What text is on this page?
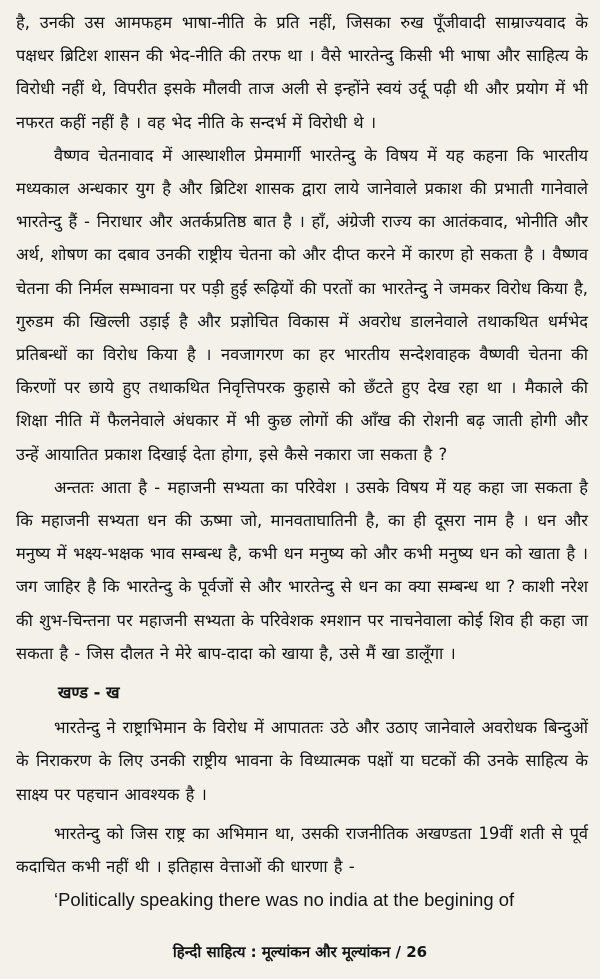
है, उनकी उस आमफहम भाषा-नीति के प्रति नहीं, जिसका रुख पूँजीवादी साम्राज्यवाद के पक्षधर ब्रिटिश शासन की भेद-नीति की तरफ था । वैसे भारतेन्दु किसी भी भाषा और साहित्य के विरोधी नहीं थे, विपरीत इसके मौलवी ताज अली से इन्होंने स्वयं उर्दू पढ़ी थी और प्रयोग में भी नफरत कहीं नहीं है । वह भेद नीति के सन्दर्भ में विरोधी थे ।

वैष्णव चेतनावाद में आस्थाशील प्रेममार्गी भारतेन्दु के विषय में यह कहना कि भारतीय मध्यकाल अन्धकार युग है और ब्रिटिश शासक द्वारा लाये जानेवाले प्रकाश की प्रभाती गानेवाले भारतेन्दु हैं - निराधार और अतर्कप्रतिष्ठ बात है । हाँ, अंग्रेजी राज्य का आतंकवाद, भोनीति और अर्थ, शोषण का दबाव उनकी राष्ट्रीय चेतना को और दीप्त करने में कारण हो सकता है । वैष्णव चेतना की निर्मल सम्भावना पर पड़ी हुई रूढ़ियों की परतों का भारतेन्दु ने जमकर विरोध किया है, गुरुडम की खिल्ली उड़ाई है और प्रज्ञोचित विकास में अवरोध डालनेवाले तथाकथित धर्मभेद प्रतिबन्धों का विरोध किया है । नवजागरण का हर भारतीय सन्देशवाहक वैष्णवी चेतना की किरणों पर छाये हुए तथाकथित निवृत्तिपरक कुहासे को छँटते हुए देख रहा था । मैकाले की शिक्षा नीति में फैलनेवाले अंधकार में भी कुछ लोगों की आँख की रोशनी बढ़ जाती होगी और उन्हें आयातित प्रकाश दिखाई देता होगा, इसे कैसे नकारा जा सकता है ?

अन्ततः आता है - महाजनी सभ्यता का परिवेश । उसके विषय में यह कहा जा सकता है कि महाजनी सभ्यता धन की ऊष्मा जो, मानवताघातिनी है, का ही दूसरा नाम है । धन और मनुष्य में भक्ष्य-भक्षक भाव सम्बन्ध है, कभी धन मनुष्य को और कभी मनुष्य धन को खाता है । जग जाहिर है कि भारतेन्दु के पूर्वजों से और भारतेन्दु से धन का क्या सम्बन्ध था ? काशी नरेश की शुभ-चिन्तना पर महाजनी सभ्यता के परिवेशक श्मशान पर नाचनेवाला कोई शिव ही कहा जा सकता है - जिस दौलत ने मेरे बाप-दादा को खाया है, उसे मैं खा डालूँगा ।

खण्ड - ख

भारतेन्दु ने राष्ट्राभिमान के विरोध में आपाततः उठे और उठाए जानेवाले अवरोधक बिन्दुओं के निराकरण के लिए उनकी राष्ट्रीय भावना के विध्यात्मक पक्षों या घटकों की उनके साहित्य के साक्ष्य पर पहचान आवश्यक है ।

भारतेन्दु को जिस राष्ट्र का अभिमान था, उसकी राजनीतिक अखण्डता 19वीं शती से पूर्व कदाचित कभी नहीं थी । इतिहास वेत्ताओं की धारणा है -

‘Politically speaking there was no india at the begining of

हिन्दी साहित्य : मूल्यांकन और मूल्यांकन / 26
